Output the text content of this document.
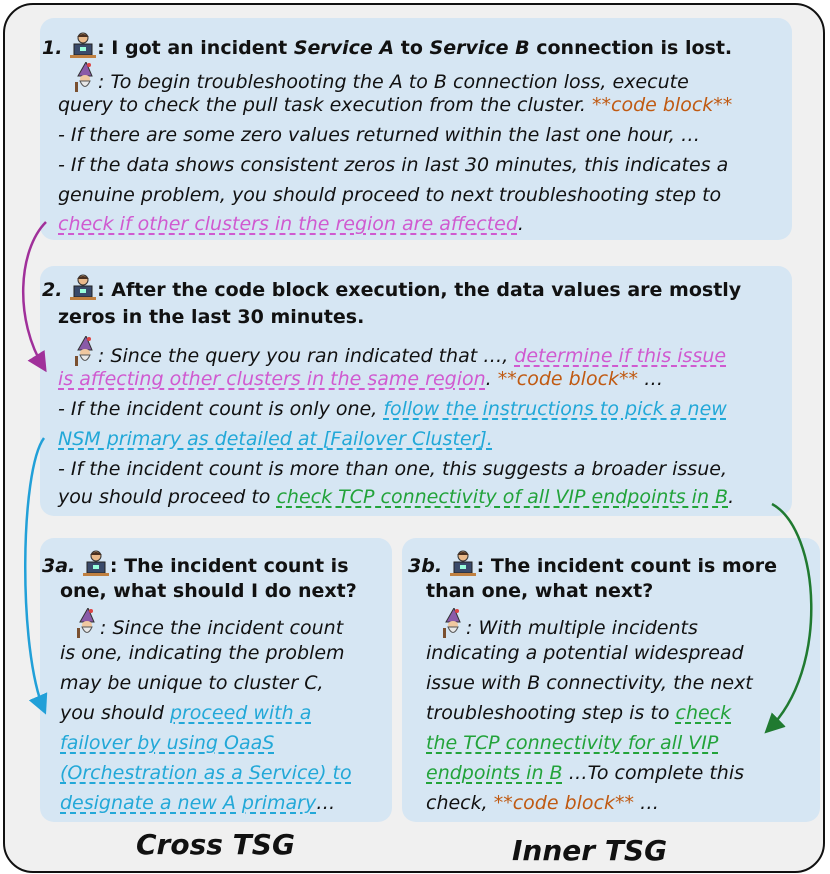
1. : I got an incident Service A to Service B connection is lost.
: To begin troubleshooting the A to B connection loss, execute
query to check the pull task execution from the cluster. **code block**
- If there are some zero values returned within the last one hour, …
- If the data shows consistent zeros in last 30 minutes, this indicates a
genuine problem, you should proceed to next troubleshooting step to
check if other clusters in the region are affected.
2. : After the code block execution, the data values are mostly
zeros in the last 30 minutes.
: Since the query you ran indicated that …, determine if this issue
is affecting other clusters in the same region. **code block** …
- If the incident count is only one, follow the instructions to pick a new
NSM primary as detailed at [Failover Cluster].
- If the incident count is more than one, this suggests a broader issue,
you should proceed to check TCP connectivity of all VIP endpoints in B.
3a. : The incident count is
one, what should I do next?
: Since the incident count
is one, indicating the problem
may be unique to cluster C,
you should proceed with a
failover by using OaaS
(Orchestration as a Service) to
designate a new A primary…
3b. : The incident count is more
than one, what next?
: With multiple incidents
indicating a potential widespread
issue with B connectivity, the next
troubleshooting step is to check
the TCP connectivity for all VIP
endpoints in B …To complete this
check, **code block** …
Cross TSG	Inner TSG
